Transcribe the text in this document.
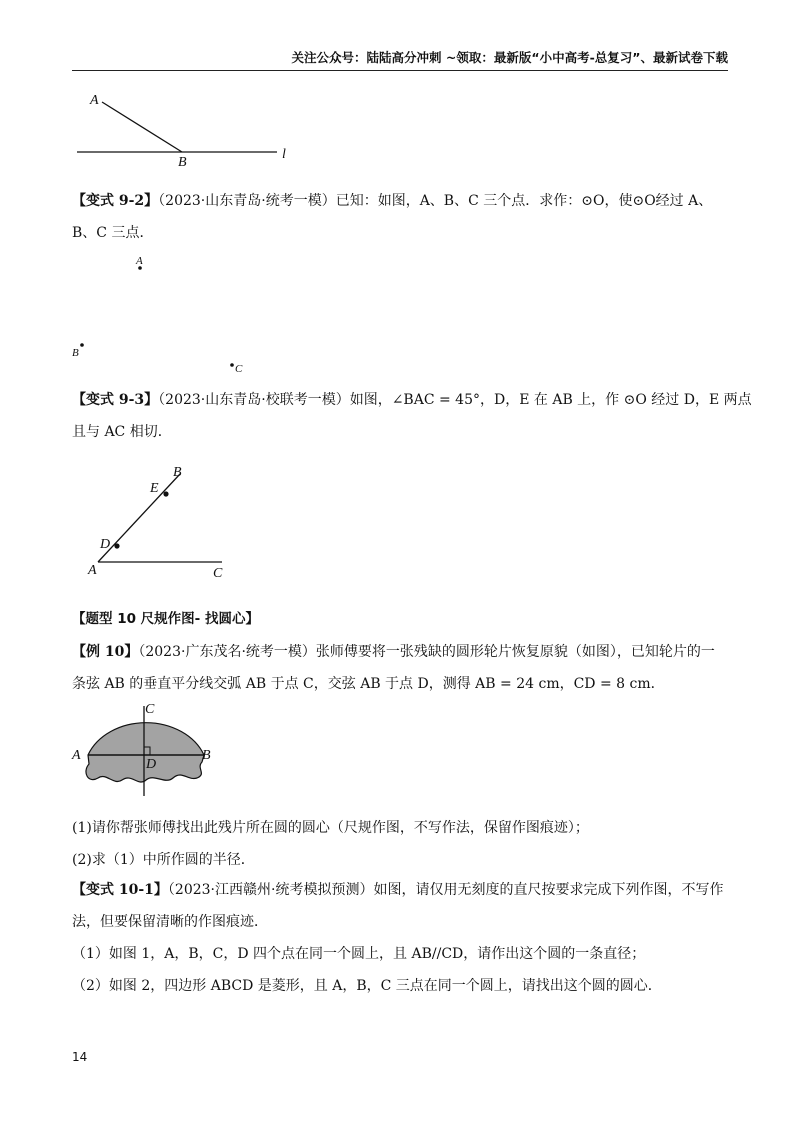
关注公众号：陆陆高分冲刺 ~领取：最新版“小中高考-总复习”、最新试卷下载
A
B
l
【变式 9-2】（2023·山东青岛·统考一模）已知：如图，A、B、C 三个点．求作：⊙O，使⊙O经过 A、
B、C 三点．
A
B
C
【变式 9-3】（2023·山东青岛·校联考一模）如图，∠BAC = 45°，D，E 在 AB 上，作 ⊙O 经过 D，E 两点
且与 AC 相切．
B
E
D
A	C
【题型 10 尺规作图- 找圆心】
【例 10】（2023·广东茂名·统考一模）张师傅要将一张残缺的圆形轮片恢复原貌（如图），已知轮片的一
条弦 AB 的垂直平分线交弧 AB 于点 C，交弦 AB 于点 D，测得 AB = 24 cm，CD = 8 cm．
C
A	B
D
(1)请你帮张师傅找出此残片所在圆的圆心（尺规作图，不写作法，保留作图痕迹）；
(2)求（1）中所作圆的半径．
【变式 10-1】（2023·江西赣州·统考模拟预测）如图，请仅用无刻度的直尺按要求完成下列作图，不写作
法，但要保留清晰的作图痕迹．
（1）如图 1，A，B，C，D 四个点在同一个圆上，且 AB//CD，请作出这个圆的一条直径；
（2）如图 2，四边形 ABCD 是菱形，且 A，B，C 三点在同一个圆上，请找出这个圆的圆心．
14
